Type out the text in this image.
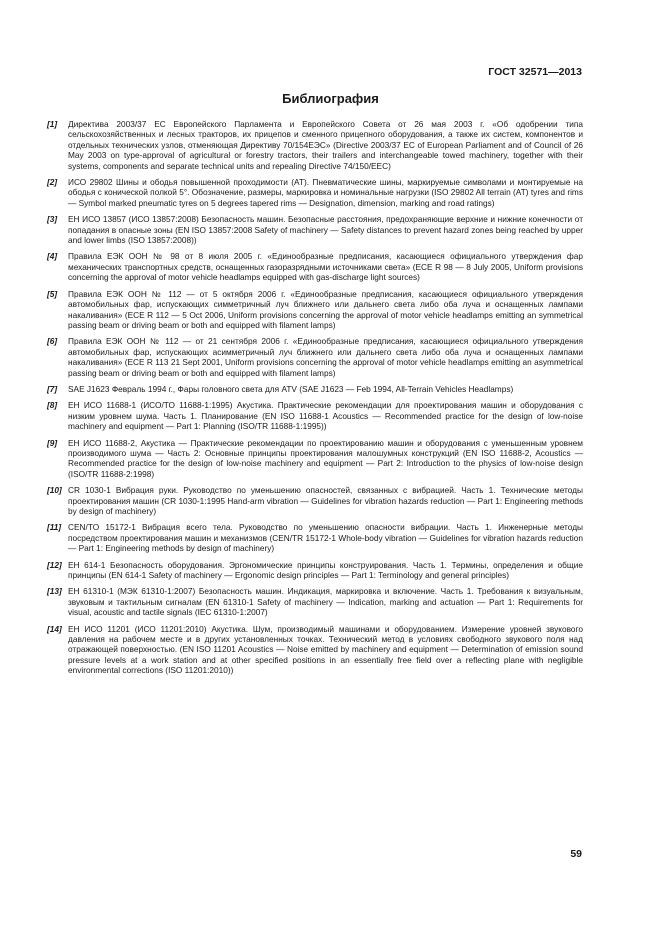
ГОСТ 32571—2013
Библиография
[1]	Директива 2003/37 ЕС Европейского Парламента и Европейского Совета от 26 мая 2003 г. «Об одобрении типа сельскохозяйственных и лесных тракторов, их прицепов и сменного прицепного оборудования, а также их систем, компонентов и отдельных технических узлов, отменяющая Директиву 70/154ЕЭС» (Directive 2003/37 EC of European Parliament and of Council of 26 May 2003 on type-approval of agricultural or forestry tractors, their trailers and interchangeable towed machinery, together with their systems, components and separate technical units and repealing Directive 74/150/EEC)
[2]	ИСО 29802 Шины и ободья повышенной проходимости (AT). Пневматические шины, маркируемые символами и монтируемые на ободья с конической полкой 5°. Обозначение, размеры, маркировка и номинальные нагрузки (ISO 29802 All terrain (AT) tyres and rims — Symbol marked pneumatic tyres on 5 degrees tapered rims — Designation, dimension, marking and road ratings)
[3]	ЕН ИСО 13857 (ИСО 13857:2008) Безопасность машин. Безопасные расстояния, предохраняющие верхние и нижние конечности от попадания в опасные зоны (EN ISO 13857:2008 Safety of machinery — Safety distances to prevent hazard zones being reached by upper and lower limbs (ISO 13857:2008))
[4]	Правила ЕЭК ООН № 98 от 8 июля 2005 г. «Единообразные предписания, касающиеся официального утверждения фар механических транспортных средств, оснащенных газоразрядными источниками света» (ECE R 98 — 8 July 2005, Uniform provisions concerning the approval of motor vehicle headlamps equipped with gas-discharge light sources)
[5]	Правила ЕЭК ООН № 112 — от 5 октября 2006 г. «Единообразные предписания, касающиеся официального утверждения автомобильных фар, испускающих симметричный луч ближнего или дальнего света либо оба луча и оснащенных лампами накаливания» (ECE R 112 — 5 Oct 2006, Uniform provisions concerning the approval of motor vehicle headlamps emitting an symmetrical passing beam or driving beam or both and equipped with filament lamps)
[6]	Правила ЕЭК ООН № 112 — от 21 сентября 2006 г. «Единообразные предписания, касающиеся официального утверждения автомобильных фар, испускающих асимметричный луч ближнего или дальнего света либо оба луча и оснащенных лампами накаливания» (ECE R 113 21 Sept 2001, Uniform provisions concerning the approval of motor vehicle headlamps emitting an asymmetrical passing beam or driving beam or both and equipped with filament lamps)
[7]	SAE J1623 Февраль 1994 г., Фары головного света для ATV (SAE J1623 — Feb 1994, All-Terrain Vehicles Headlamps)
[8]	ЕН ИСО 11688-1 (ИСО/ТО 11688-1:1995) Акустика. Практические рекомендации для проектирования машин и оборудования с низким уровнем шума. Часть 1. Планирование (EN ISO 11688-1 Acoustics — Recommended practice for the design of low-noise machinery and equipment — Part 1: Planning (ISO/TR 11688-1:1995))
[9]	ЕН ИСО 11688-2, Акустика — Практические рекомендации по проектированию машин и оборудования с уменьшенным уровнем производимого шума — Часть 2: Основные принципы проектирования малошумных конструкций (EN ISO 11688-2, Acoustics — Recommended practice for the design of low-noise machinery and equipment — Part 2: Introduction to the physics of low-noise design (ISO/TR 11688-2:1998)
[10] CR 1030-1 Вибрация руки. Руководство по уменьшению опасностей, связанных с вибрацией. Часть 1. Технические методы проектирования машин (CR 1030-1:1995 Hand-arm vibration — Guidelines for vibration hazards reduction — Part 1: Engineering methods by design of machinery)
[11] CEN/TO 15172-1 Вибрация всего тела. Руководство по уменьшению опасности вибрации. Часть 1. Инженерные методы посредством проектирования машин и механизмов (CEN/TR 15172-1 Whole-body vibration — Guidelines for vibration hazards reduction — Part 1: Engineering methods by design of machinery)
[12] ЕН 614-1 Безопасность оборудования. Эргономические принципы конструирования. Часть 1. Термины, определения и общие принципы (EN 614-1 Safety of machinery — Ergonomic design principles — Part 1: Terminology and general principles)
[13] ЕН 61310-1 (МЭК 61310-1:2007) Безопасность машин. Индикация, маркировка и включение. Часть 1. Требования к визуальным, звуковым и тактильным сигналам (EN 61310-1 Safety of machinery — Indication, marking and actuation — Part 1: Requirements for visual, acoustic and tactile signals (IEC 61310-1:2007)
[14] ЕН ИСО 11201 (ИСО 11201:2010) Акустика. Шум, производимый машинами и оборудованием. Измерение уровней звукового давления на рабочем месте и в других установленных точках. Технический метод в условиях свободного звукового поля над отражающей поверхностью. (EN ISO 11201 Acoustics — Noise emitted by machinery and equipment — Determination of emission sound pressure levels at a work station and at other specified positions in an essentially free field over a reflecting plane with negligible environmental corrections (ISO 11201:2010))
59
